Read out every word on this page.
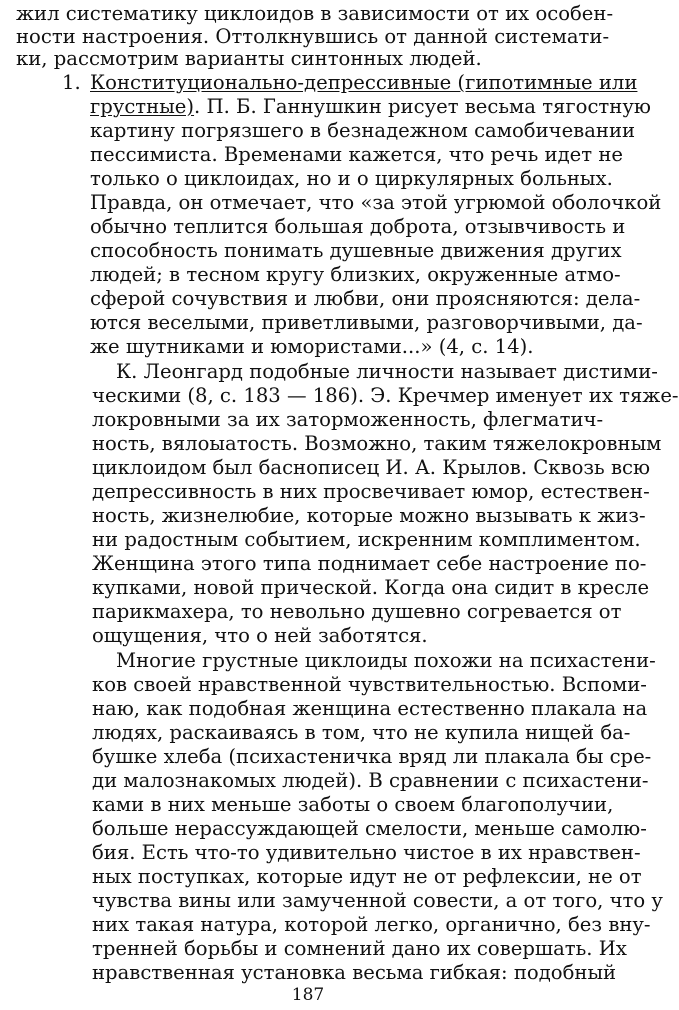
жил систематику циклоидов в зависимости от их особен-

ности настроения. Оттолкнувшись от данной системати-

ки, рассмотрим варианты синтонных людей.

1. Конституционально-депрессивные (гипотимные или

грустные). П. Б. Ганнушкин рисует весьма тягостную

картину погрязшего в безнадежном самобичевании

пессимиста. Временами кажется, что речь идет не

только о циклоидах, но и о циркулярных больных.

Правда, он отмечает, что «за этой угрюмой оболочкой

обычно теплится большая доброта, отзывчивость и

способность понимать душевные движения других

людей; в тесном кругу близких, окруженные атмо-

сферой сочувствия и любви, они проясняются: дела-

ются веселыми, приветливыми, разговорчивыми, да-

же шутниками и юмористами...» (4, с. 14).

К. Леонгард подобные личности называет дистими-

ческими (8, с. 183 — 186). Э. Кречмер именует их тяже-

локровными за их заторможенность, флегматич-

ность, вялоыатость. Возможно, таким тяжелокровным

циклоидом был баснописец И. А. Крылов. Сквозь всю

депрессивность в них просвечивает юмор, естествен-

ность, жизнелюбие, которые можно вызывать к жиз-

ни радостным событием, искренним комплиментом.

Женщина этого типа поднимает себе настроение по-

купками, новой прической. Когда она сидит в кресле

парикмахера, то невольно душевно согревается от

ощущения, что о ней заботятся.

Многие грустные циклоиды похожи на психастени-

ков своей нравственной чувствительностью. Вспоми-

наю, как подобная женщина естественно плакала на

людях, раскаиваясь в том, что не купила нищей ба-

бушке хлеба (психастеничка вряд ли плакала бы сре-

ди малознакомых людей). В сравнении с психастени-

ками в них меньше заботы о своем благополучии,

больше нерассуждающей смелости, меньше самолю-

бия. Есть что-то удивительно чистое в их нравствен-

ных поступках, которые идут не от рефлексии, не от

чувства вины или замученной совести, а от того, что у

них такая натура, которой легко, органично, без вну-

тренней борьбы и сомнений дано их совершать. Их

нравственная установка весьма гибкая: подобный

187
